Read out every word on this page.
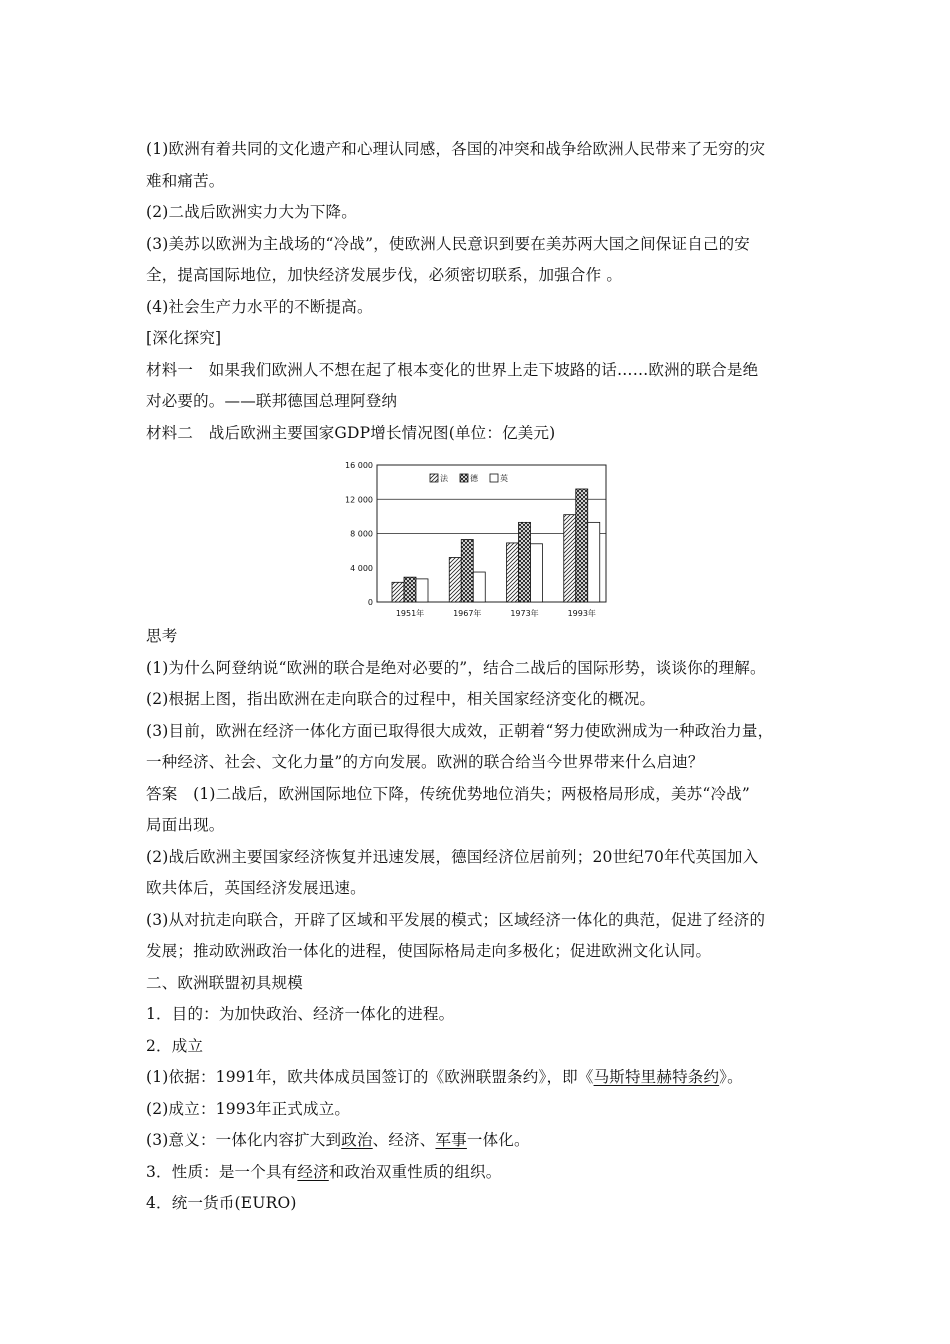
(1)欧洲有着共同的文化遗产和心理认同感，各国的冲突和战争给欧洲人民带来了无穷的灾
难和痛苦。
(2)二战后欧洲实力大为下降。
(3)美苏以欧洲为主战场的“冷战”，使欧洲人民意识到要在美苏两大国之间保证自己的安
全，提高国际地位，加快经济发展步伐，必须密切联系，加强合作 。
(4)社会生产力水平的不断提高。
[深化探究]
材料一　如果我们欧洲人不想在起了根本变化的世界上走下坡路的话……欧洲的联合是绝
对必要的。——联邦德国总理阿登纳
材料二　战后欧洲主要国家GDP增长情况图(单位：亿美元)
0
4 000
8 000
12 000
16 000
法	德	英
1951年	1967年	1973年	1993年
思考
(1)为什么阿登纳说“欧洲的联合是绝对必要的”，结合二战后的国际形势，谈谈你的理解。
(2)根据上图，指出欧洲在走向联合的过程中，相关国家经济变化的概况。
(3)目前，欧洲在经济一体化方面已取得很大成效，正朝着“努力使欧洲成为一种政治力量，
一种经济、社会、文化力量”的方向发展。欧洲的联合给当今世界带来什么启迪？
答案　(1)二战后，欧洲国际地位下降，传统优势地位消失；两极格局形成，美苏“冷战”
局面出现。
(2)战后欧洲主要国家经济恢复并迅速发展，德国经济位居前列；20世纪70年代英国加入
欧共体后，英国经济发展迅速。
(3)从对抗走向联合，开辟了区域和平发展的模式；区域经济一体化的典范，促进了经济的
发展；推动欧洲政治一体化的进程，使国际格局走向多极化；促进欧洲文化认同。
二、欧洲联盟初具规模
1．目的：为加快政治、经济一体化的进程。
2．成立
(1)依据：1991年，欧共体成员国签订的《欧洲联盟条约》，即《马斯特里赫特条约》。
(2)成立：1993年正式成立。
(3)意义：一体化内容扩大到政治、经济、军事一体化。
3．性质：是一个具有经济和政治双重性质的组织。
4．统一货币(EURO)
